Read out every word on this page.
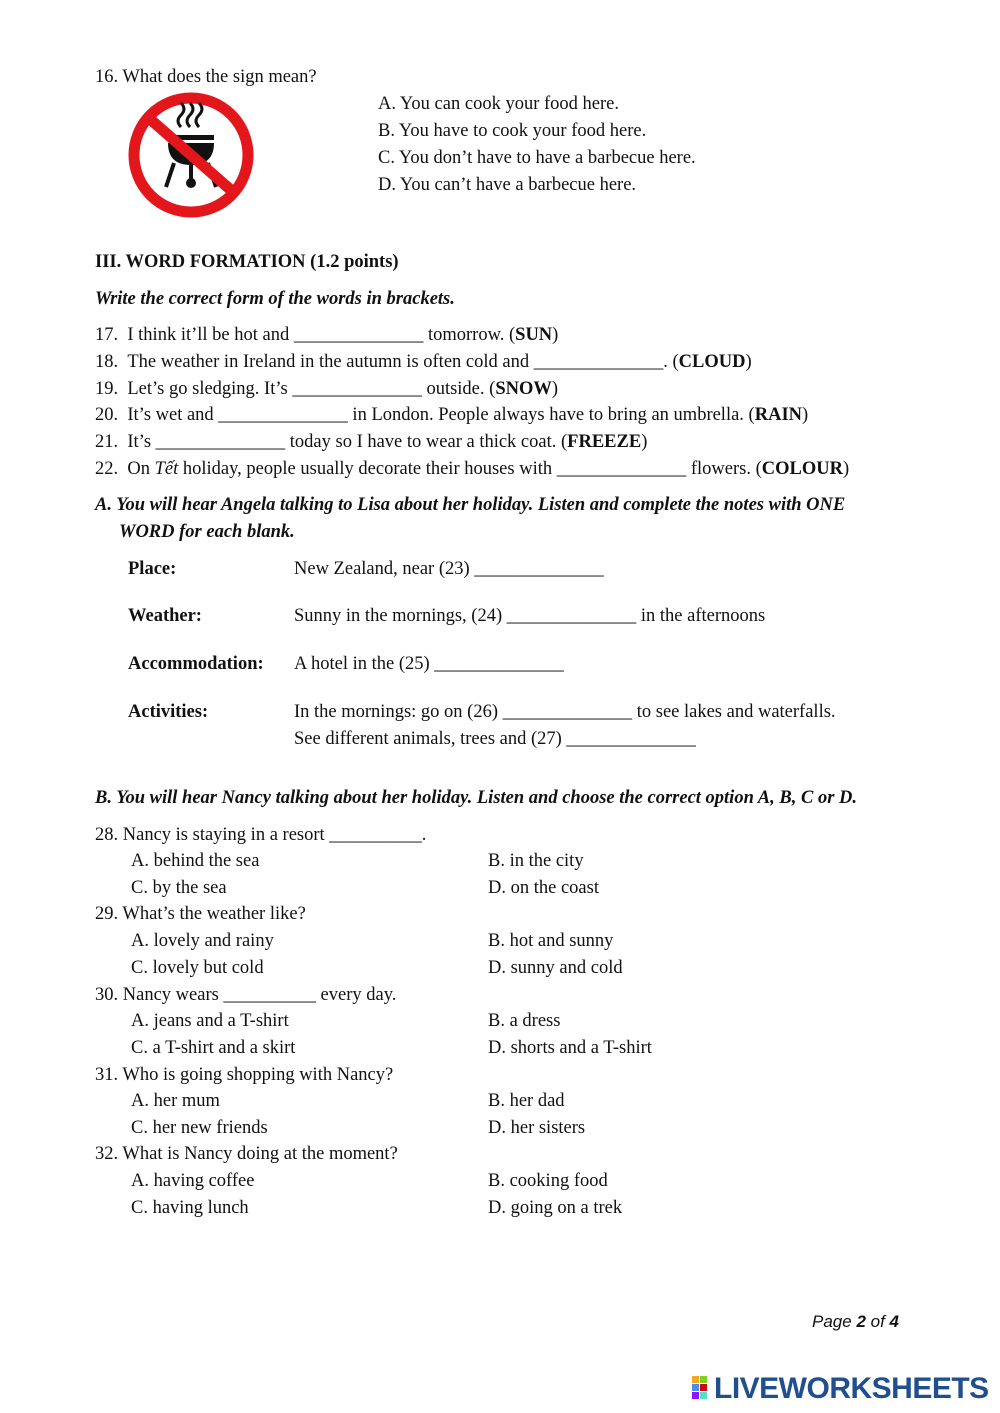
16. What does the sign mean?
A. You can cook your food here.
B. You have to cook your food here.
C. You don’t have to have a barbecue here.
D. You can’t have a barbecue here.
III. WORD FORMATION (1.2 points)
Write the correct form of the words in brackets.
17. I think it’ll be hot and ______________ tomorrow. (SUN)
18. The weather in Ireland in the autumn is often cold and ______________. (CLOUD)
19. Let’s go sledging. It’s ______________ outside. (SNOW)
20. It’s wet and ______________ in London. People always have to bring an umbrella. (RAIN)
21. It’s ______________ today so I have to wear a thick coat. (FREEZE)
22. On Tết holiday, people usually decorate their houses with ______________ flowers. (COLOUR)
A. You will hear Angela talking to Lisa about her holiday. Listen and complete the notes with ONE
WORD for each blank.
Place:	New Zealand, near (23) ______________
Weather:	Sunny in the mornings, (24) ______________ in the afternoons
Accommodation: A hotel in the (25) ______________
Activities:	In the mornings: go on (26) ______________ to see lakes and waterfalls.
See different animals, trees and (27) ______________
B. You will hear Nancy talking about her holiday. Listen and choose the correct option A, B, C or D.
28. Nancy is staying in a resort __________.
A. behind the sea	B. in the city
C. by the sea	D. on the coast
29. What’s the weather like?
A. lovely and rainy	B. hot and sunny
C. lovely but cold	D. sunny and cold
30. Nancy wears __________ every day.
A. jeans and a T-shirt	B. a dress
C. a T-shirt and a skirt	D. shorts and a T-shirt
31. Who is going shopping with Nancy?
A. her mum	B. her dad
C. her new friends	D. her sisters
32. What is Nancy doing at the moment?
A. having coffee	B. cooking food
C. having lunch	D. going on a trek
Page 2 of 4
LIVEWORKSHEETS
